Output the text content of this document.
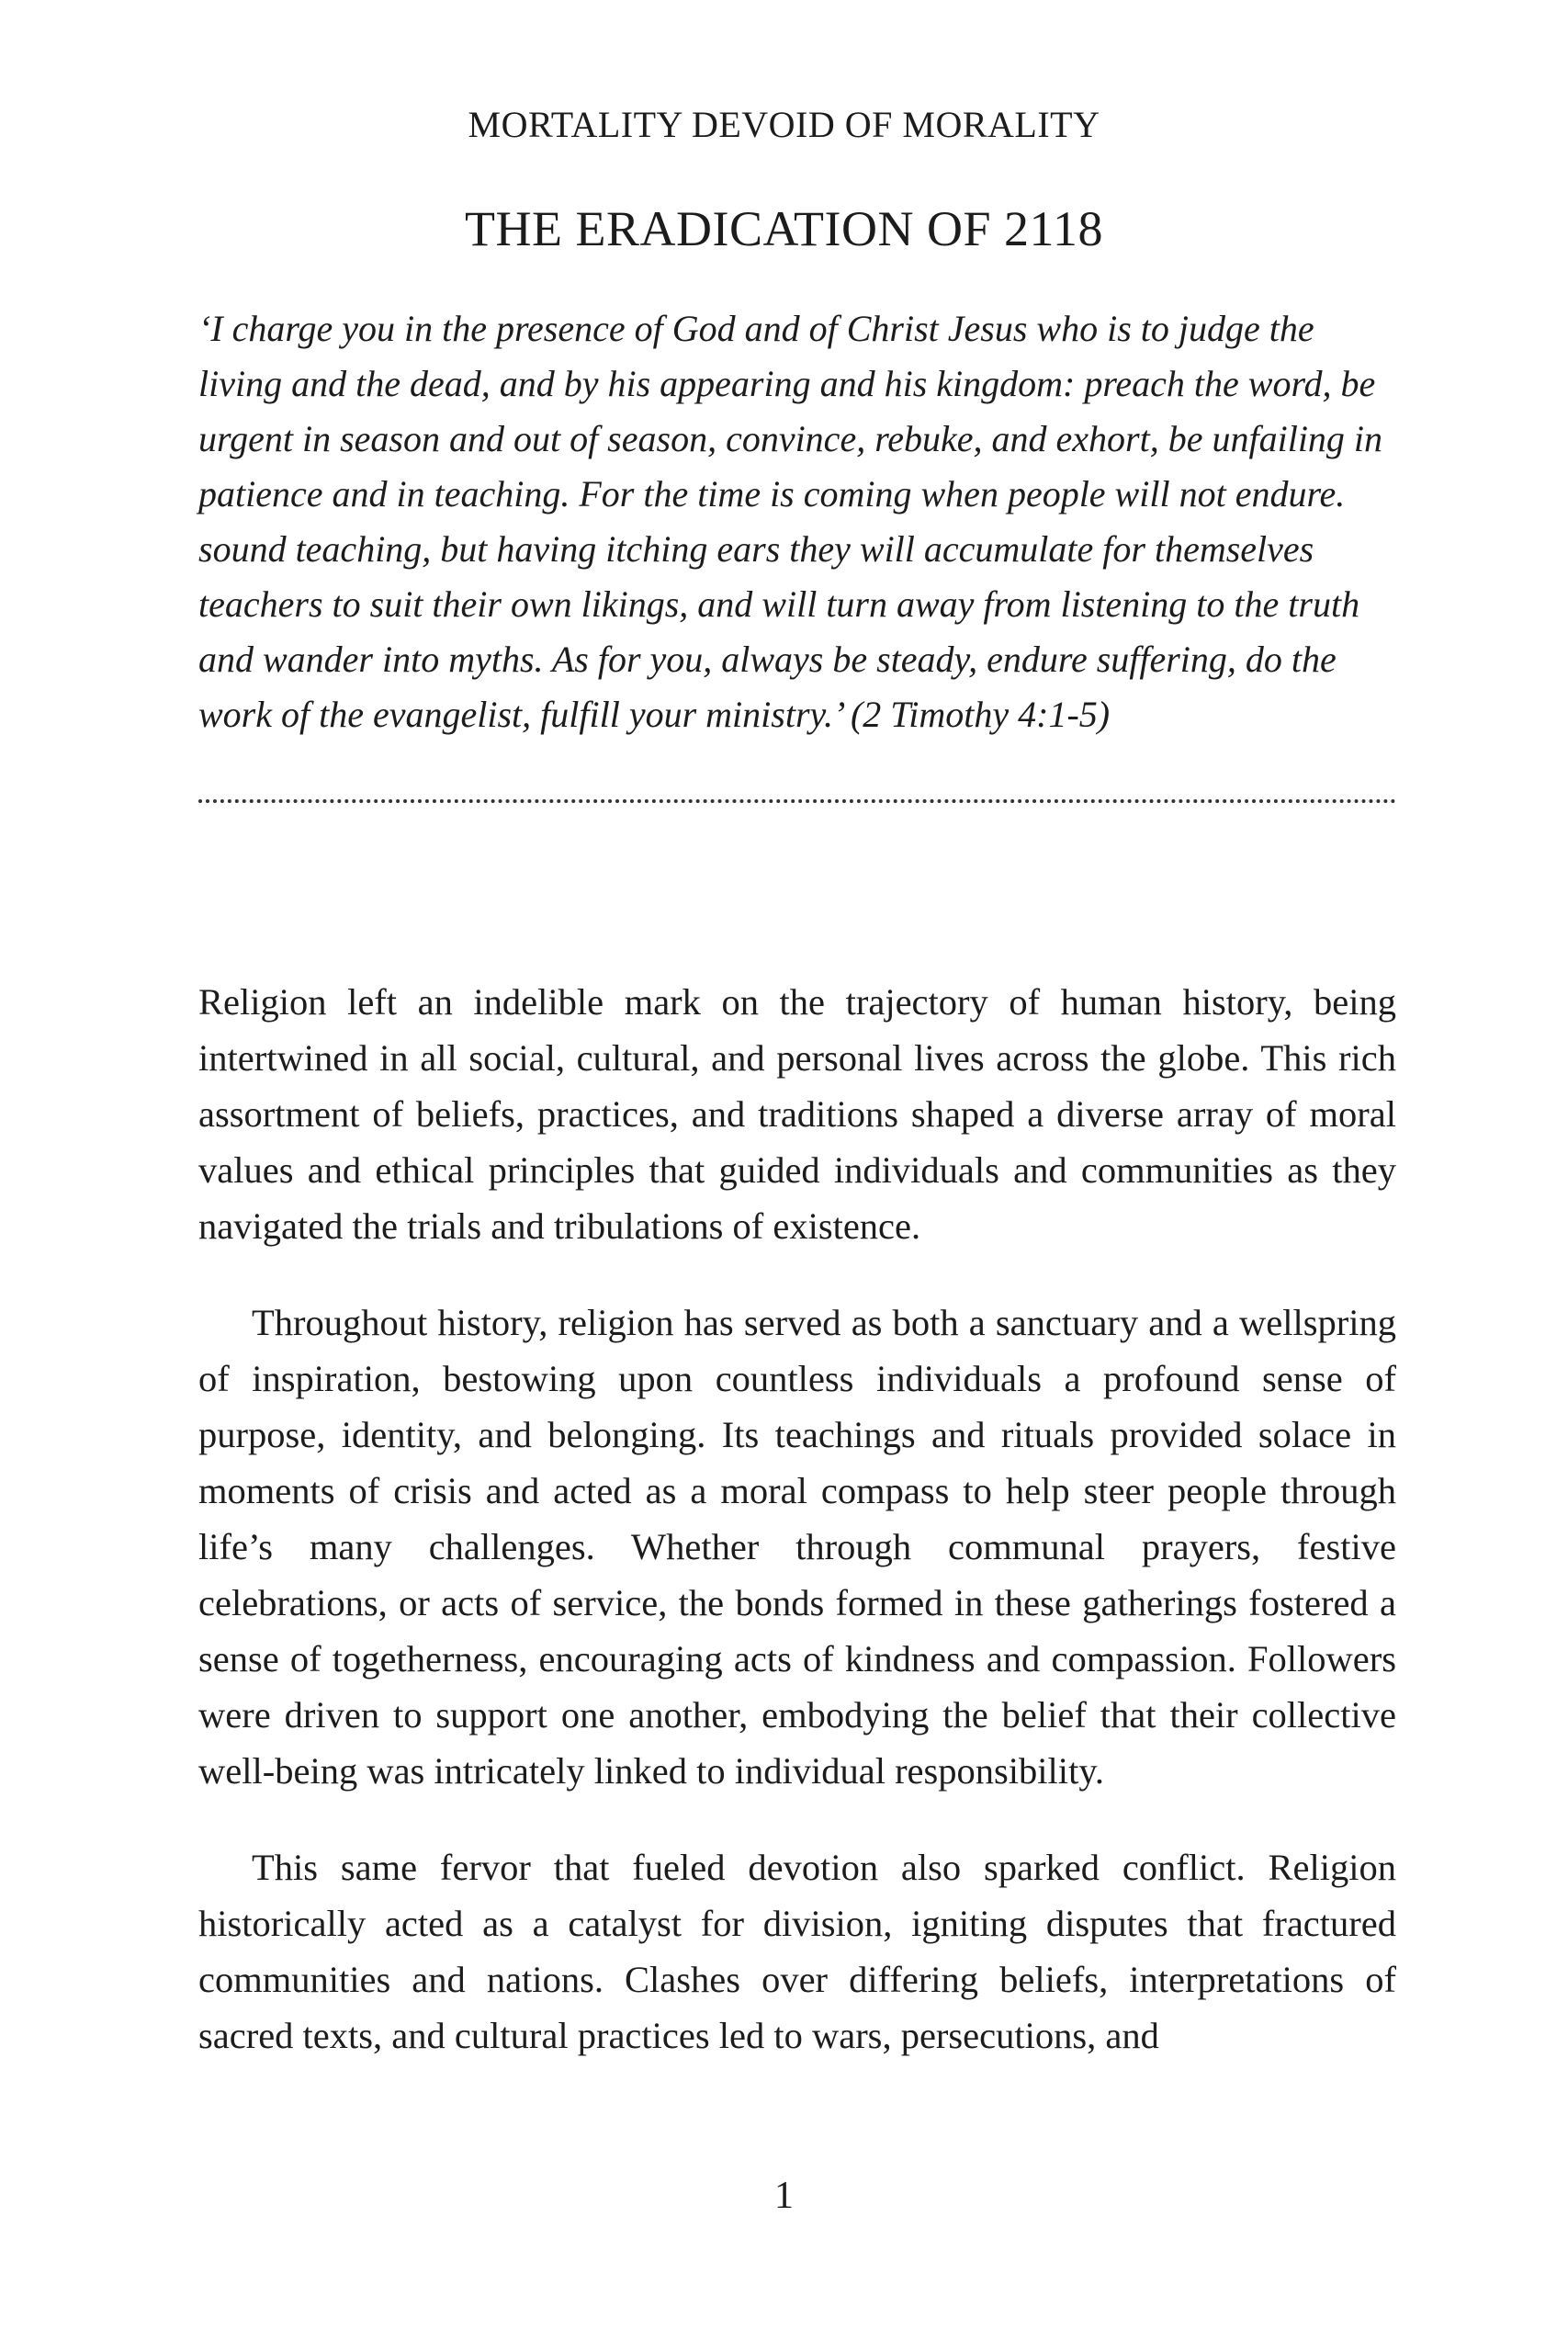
MORTALITY DEVOID OF MORALITY
THE ERADICATION OF 2118
‘I charge you in the presence of God and of Christ Jesus who is to judge the living and the dead, and by his appearing and his kingdom: preach the word, be urgent in season and out of season, convince, rebuke, and exhort, be unfailing in patience and in teaching. For the time is coming when people will not endure. sound teaching, but having itching ears they will accumulate for themselves teachers to suit their own likings, and will turn away from listening to the truth and wander into myths. As for you, always be steady, endure suffering, do the work of the evangelist, fulfill your ministry.’ (2 Timothy 4:1-5)

Religion left an indelible mark on the trajectory of human history, being intertwined in all social, cultural, and personal lives across the globe. This rich assortment of beliefs, practices, and traditions shaped a diverse array of moral values and ethical principles that guided individuals and communities as they navigated the trials and tribulations of existence.

Throughout history, religion has served as both a sanctuary and a wellspring of inspiration, bestowing upon countless individuals a profound sense of purpose, identity, and belonging. Its teachings and rituals provided solace in moments of crisis and acted as a moral compass to help steer people through life’s many challenges. Whether through communal prayers, festive celebrations, or acts of service, the bonds formed in these gatherings fostered a sense of togetherness, encouraging acts of kindness and compassion. Followers were driven to support one another, embodying the belief that their collective well-being was intricately linked to individual responsibility.

This same fervor that fueled devotion also sparked conflict. Religion historically acted as a catalyst for division, igniting disputes that fractured communities and nations. Clashes over differing beliefs, interpretations of sacred texts, and cultural practices led to wars, persecutions, and

1
